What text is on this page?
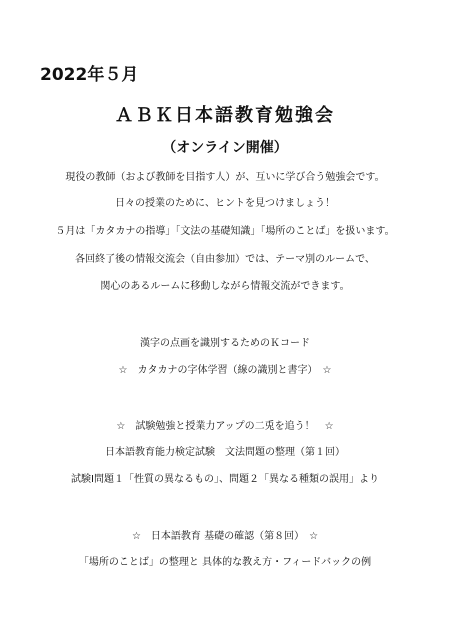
2022年５月
ＡＢＫ日本語教育勉強会
（オンライン開催）
現役の教師（および教師を目指す人）が、互いに学び合う勉強会です。
日々の授業のために、ヒントを見つけましょう！
５月は「カタカナの指導」「文法の基礎知識」「場所のことば」を扱います。
各回終了後の情報交流会（自由参加）では、テーマ別のルームで、
関心のあるルームに移動しながら情報交流ができます。
漢字の点画を識別するためのＫコード
☆　カタカナの字体学習（線の識別と書字）　☆
☆　試験勉強と授業力アップの二兎を追う！　☆
日本語教育能力検定試験　文法問題の整理（第１回）
試験Ⅰ問題１「性質の異なるもの」、問題２「異なる種類の誤用」より
☆　日本語教育 基礎の確認（第８回）　☆
「場所のことば」の整理と 具体的な教え方・フィードバックの例
